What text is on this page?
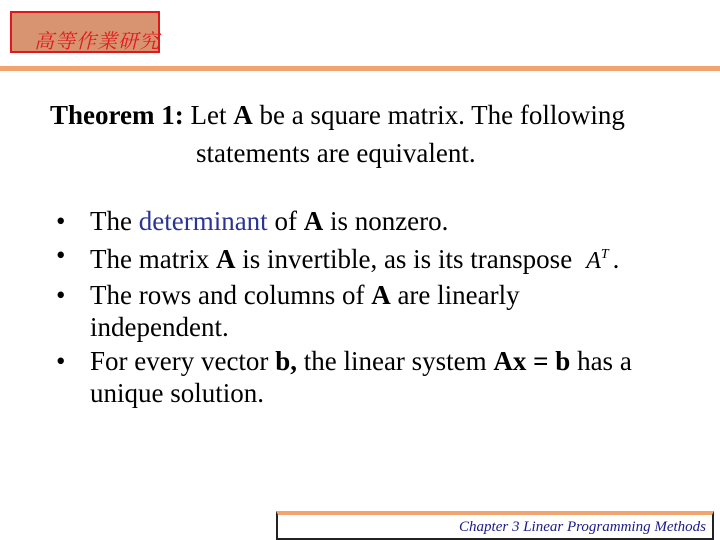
高等作業研究
Theorem 1: Let A be a square matrix. The following
statements are equivalent.
• The determinant of A is nonzero.
• The matrix A is invertible, as is its transpose $A^T$ .
• The rows and columns of A are linearly
independent.
• For every vector b, the linear system Ax = b has a
unique solution.
Chapter 3 Linear Programming Methods
